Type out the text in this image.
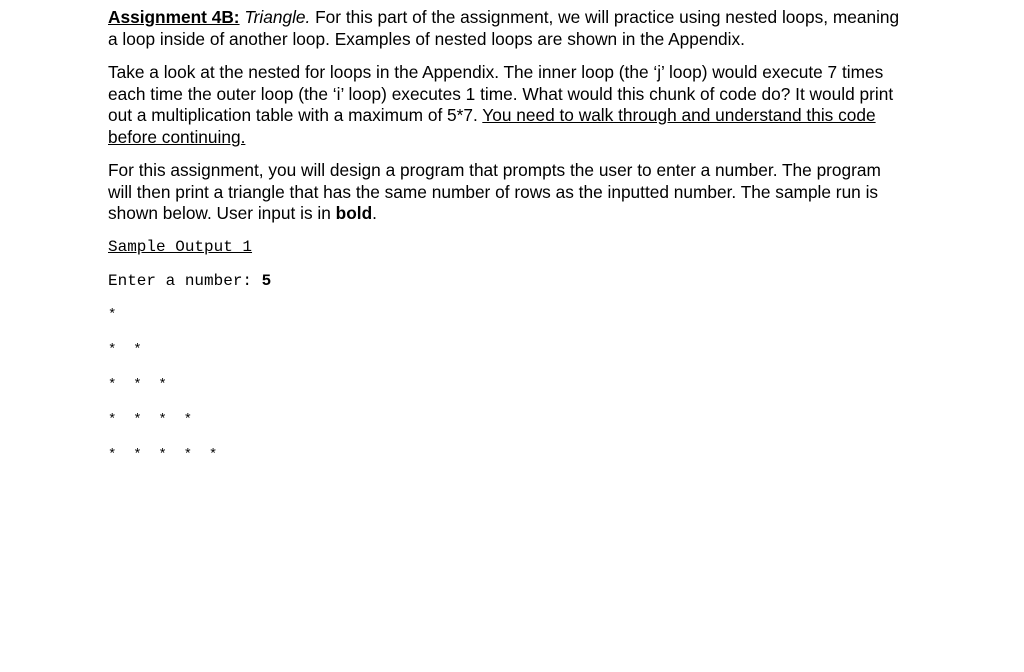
Assignment 4B: Triangle. For this part of the assignment, we will practice using nested loops, meaning a loop inside of another loop. Examples of nested loops are shown in the Appendix.

Take a look at the nested for loops in the Appendix. The inner loop (the ‘j’ loop) would execute 7 times each time the outer loop (the ‘i’ loop) executes 1 time. What would this chunk of code do? It would print out a multiplication table with a maximum of 5*7. You need to walk through and understand this code before continuing.

For this assignment, you will design a program that prompts the user to enter a number. The program will then print a triangle that has the same number of rows as the inputted number. The sample run is shown below. User input is in bold.

Sample Output 1
Enter a number: 5
*
*  *
*  *  *
*  *  *  *
*  *  *  *  *
